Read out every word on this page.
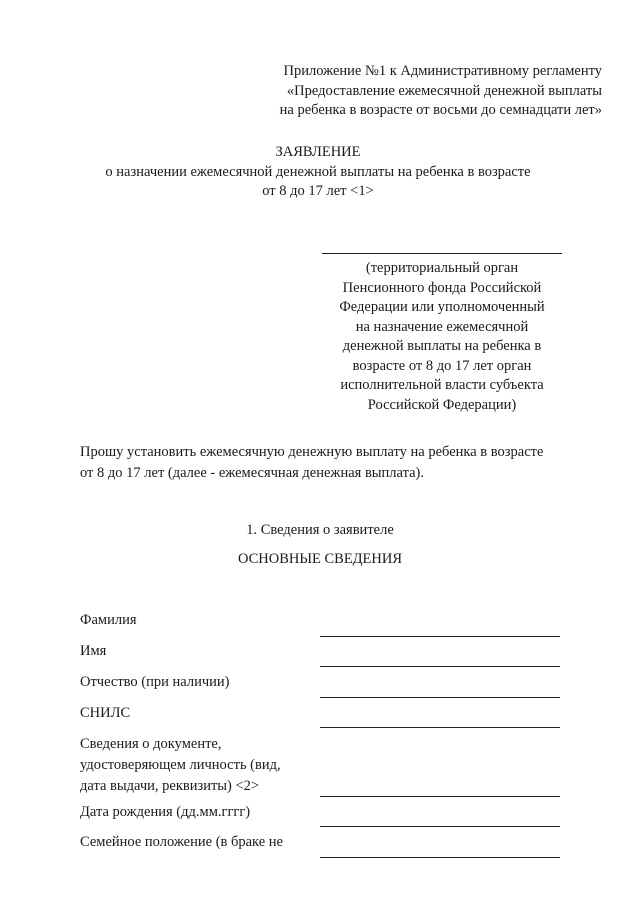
Приложение №1 к Административному регламенту
«Предоставление ежемесячной денежной выплаты
на ребенка в возрасте от восьми до семнадцати лет»
ЗАЯВЛЕНИЕ
о назначении ежемесячной денежной выплаты на ребенка в возрасте
от 8 до 17 лет <1>
(территориальный орган
Пенсионного фонда Российской
Федерации или уполномоченный
на назначение ежемесячной
денежной выплаты на ребенка в
возрасте от 8 до 17 лет орган
исполнительной власти субъекта
Российской Федерации)
Прошу установить ежемесячную денежную выплату на ребенка в возрасте
от 8 до 17 лет (далее - ежемесячная денежная выплата).
1. Сведения о заявителе
ОСНОВНЫЕ СВЕДЕНИЯ
Фамилия
Имя
Отчество (при наличии)
СНИЛС
Сведения о документе,
удостоверяющем личность (вид,
дата выдачи, реквизиты) <2>
Дата рождения (дд.мм.гггг)
Семейное положение (в браке не
